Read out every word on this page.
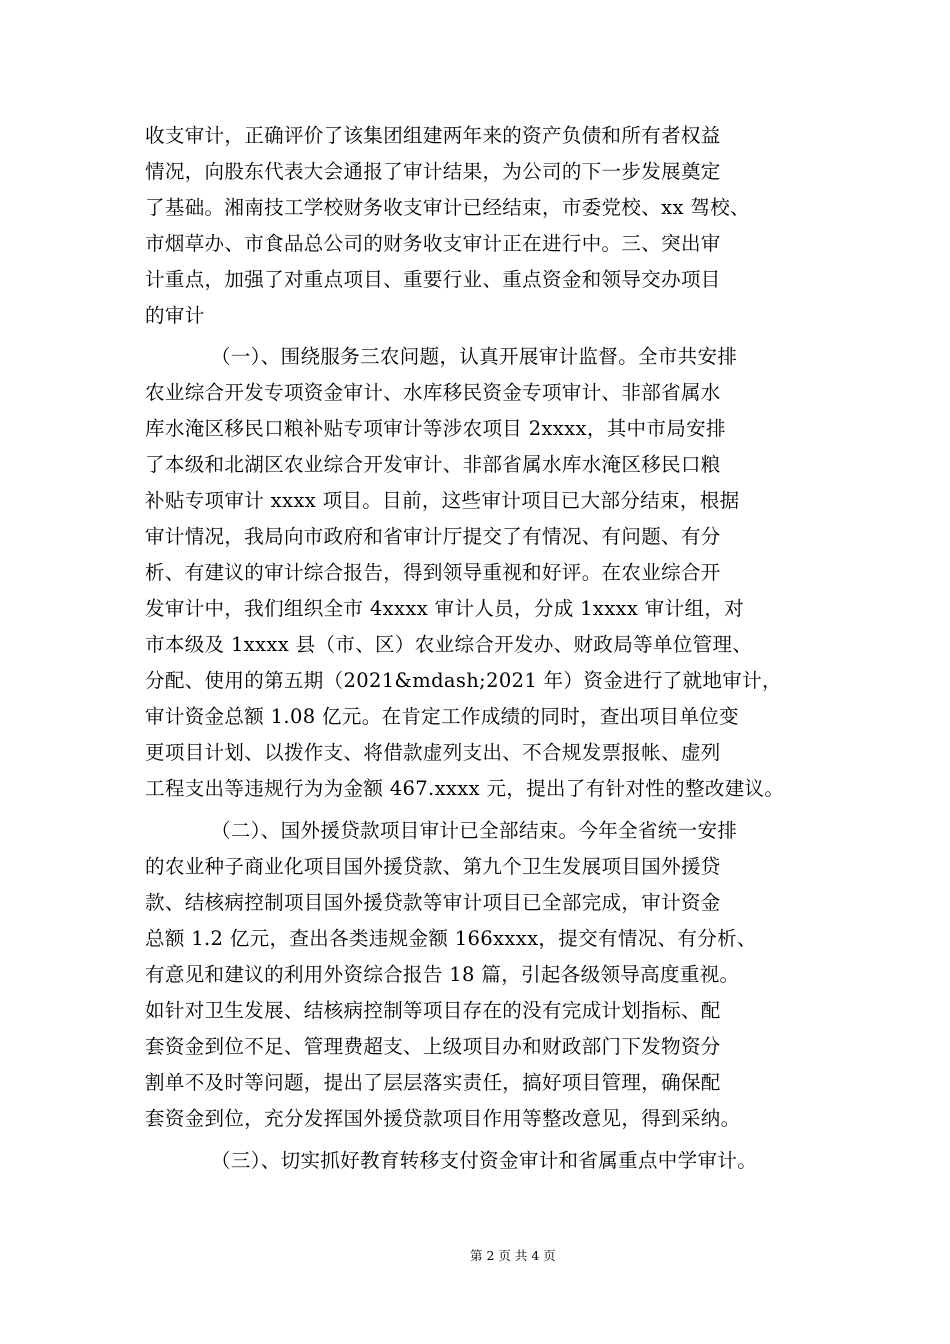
收支审计，正确评价了该集团组建两年来的资产负债和所有者权益
情况，向股东代表大会通报了审计结果，为公司的下一步发展奠定
了基础。湘南技工学校财务收支审计已经结束，市委党校、xx 驾校、
市烟草办、市食品总公司的财务收支审计正在进行中。三、突出审
计重点，加强了对重点项目、重要行业、重点资金和领导交办项目
的审计
（一）、围绕服务三农问题，认真开展审计监督。全市共安排
农业综合开发专项资金审计、水库移民资金专项审计、非部省属水
库水淹区移民口粮补贴专项审计等涉农项目 2xxxx，其中市局安排
了本级和北湖区农业综合开发审计、非部省属水库水淹区移民口粮
补贴专项审计 xxxx 项目。目前，这些审计项目已大部分结束，根据
审计情况，我局向市政府和省审计厅提交了有情况、有问题、有分
析、有建议的审计综合报告，得到领导重视和好评。在农业综合开
发审计中，我们组织全市 4xxxx 审计人员，分成 1xxxx 审计组，对
市本级及 1xxxx 县（市、区）农业综合开发办、财政局等单位管理、
分配、使用的第五期（2021&mdash;2021 年）资金进行了就地审计，
审计资金总额 1.08 亿元。在肯定工作成绩的同时，查出项目单位变
更项目计划、以拨作支、将借款虚列支出、不合规发票报帐、虚列
工程支出等违规行为为金额 467.xxxx 元，提出了有针对性的整改建议。
（二）、国外援贷款项目审计已全部结束。今年全省统一安排
的农业种子商业化项目国外援贷款、第九个卫生发展项目国外援贷
款、结核病控制项目国外援贷款等审计项目已全部完成，审计资金
总额 1.2 亿元，查出各类违规金额 166xxxx，提交有情况、有分析、
有意见和建议的利用外资综合报告 18 篇，引起各级领导高度重视。
如针对卫生发展、结核病控制等项目存在的没有完成计划指标、配
套资金到位不足、管理费超支、上级项目办和财政部门下发物资分
割单不及时等问题，提出了层层落实责任，搞好项目管理，确保配
套资金到位，充分发挥国外援贷款项目作用等整改意见，得到采纳。
（三）、切实抓好教育转移支付资金审计和省属重点中学审计。
第 2 页 共 4 页
